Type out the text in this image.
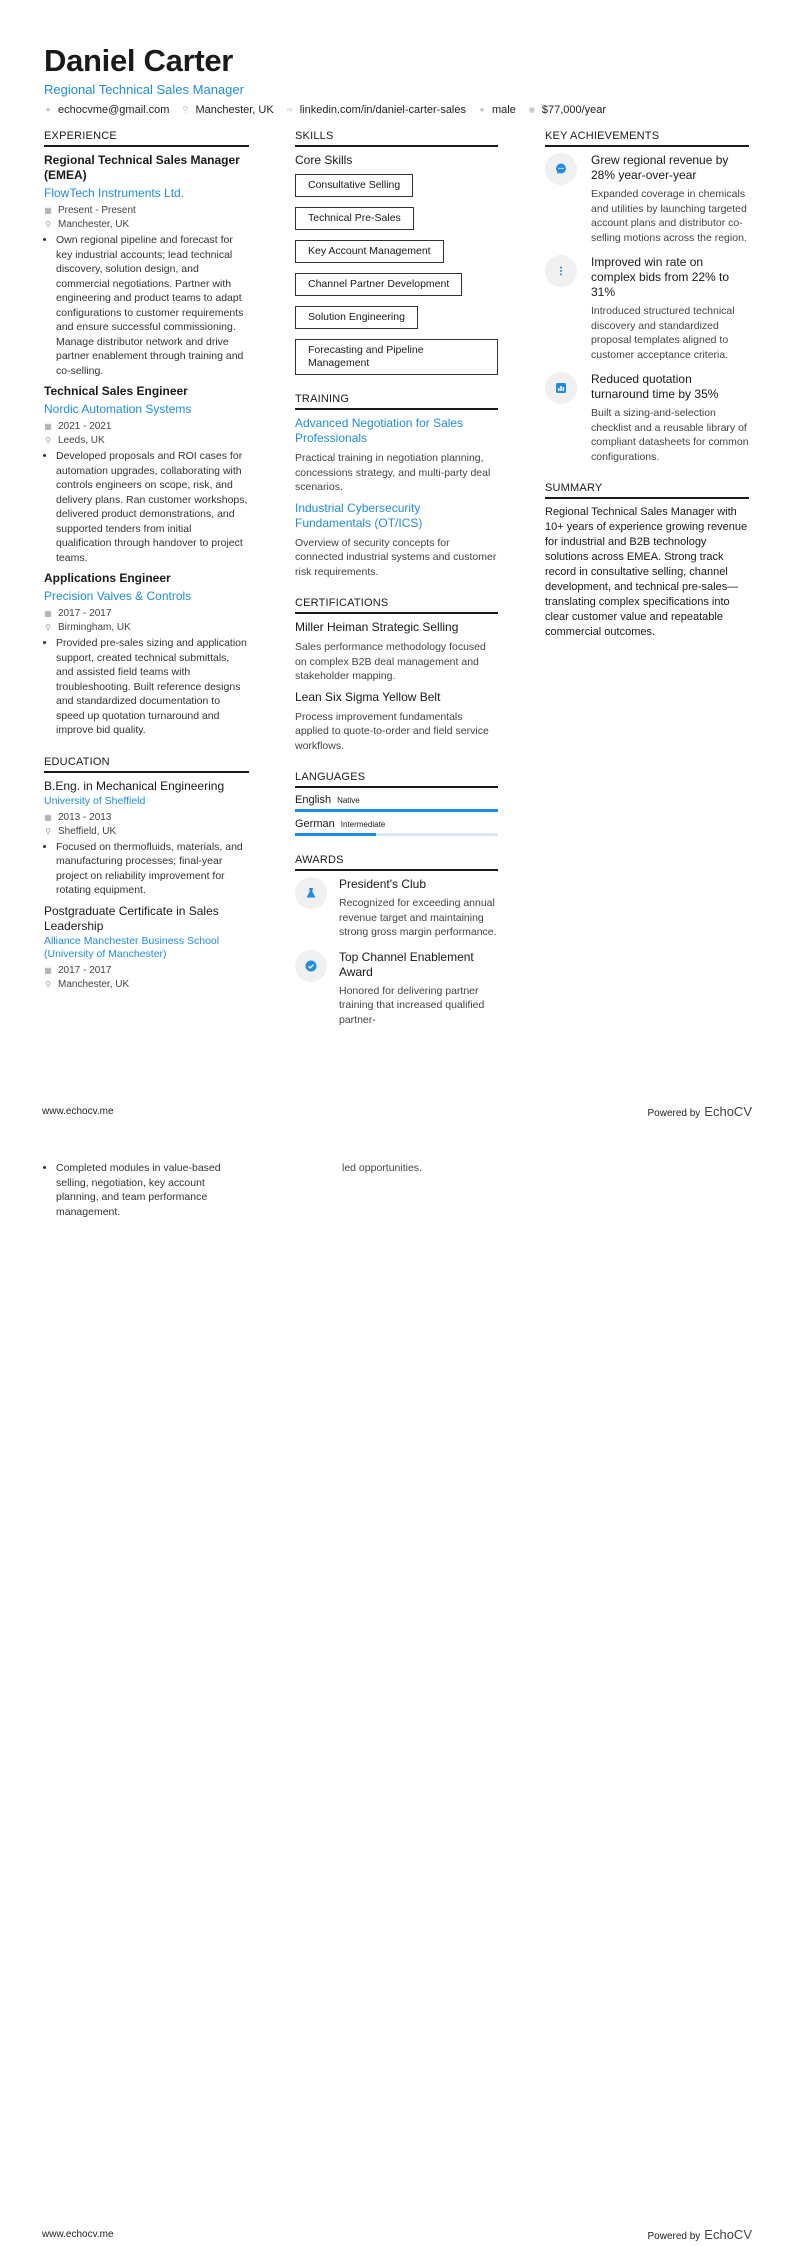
Daniel Carter
Regional Technical Sales Manager
● echocvme@gmail.com ⚲ Manchester, UK ∞ linkedin.com/in/daniel-carter-sales ● male ◉ $77,000/year
EXPERIENCE
Regional Technical Sales Manager (EMEA)
FlowTech Instruments Ltd.
▦ Present - Present
⚲ Manchester, UK
• Own regional pipeline and forecast for key industrial accounts; lead technical discovery, solution design, and commercial negotiations. Partner with engineering and product teams to adapt configurations to customer requirements and ensure successful commissioning. Manage distributor network and drive partner enablement through training and co-selling.
Technical Sales Engineer
Nordic Automation Systems
▦ 2021 - 2021
⚲ Leeds, UK
• Developed proposals and ROI cases for automation upgrades, collaborating with controls engineers on scope, risk, and delivery plans. Ran customer workshops, delivered product demonstrations, and supported tenders from initial qualification through handover to project teams.
Applications Engineer
Precision Valves & Controls
▦ 2017 - 2017
⚲ Birmingham, UK
• Provided pre-sales sizing and application support, created technical submittals, and assisted field teams with troubleshooting. Built reference designs and standardized documentation to speed up quotation turnaround and improve bid quality.
EDUCATION
B.Eng. in Mechanical Engineering
University of Sheffield
▦ 2013 - 2013
⚲ Sheffield, UK
• Focused on thermofluids, materials, and manufacturing processes; final-year project on reliability improvement for rotating equipment.
Postgraduate Certificate in Sales Leadership
Alliance Manchester Business School (University of Manchester)
▦ 2017 - 2017
⚲ Manchester, UK
SKILLS
Core Skills
Consultative Selling
Technical Pre-Sales
Key Account Management
Channel Partner Development
Solution Engineering
Forecasting and Pipeline Management
TRAINING
Advanced Negotiation for Sales Professionals
Practical training in negotiation planning, concessions strategy, and multi-party deal scenarios.
Industrial Cybersecurity Fundamentals (OT/ICS)
Overview of security concepts for connected industrial systems and customer risk requirements.
CERTIFICATIONS
Miller Heiman Strategic Selling
Sales performance methodology focused on complex B2B deal management and stakeholder mapping.
Lean Six Sigma Yellow Belt
Process improvement fundamentals applied to quote-to-order and field service workflows.
LANGUAGES
English Native
German Intermediate
AWARDS
President's Club
Recognized for exceeding annual revenue target and maintaining strong gross margin performance.
Top Channel Enablement Award
Honored for delivering partner training that increased qualified partner-
KEY ACHIEVEMENTS
Grew regional revenue by 28% year-over-year
Expanded coverage in chemicals and utilities by launching targeted account plans and distributor co-selling motions across the region.
Improved win rate on complex bids from 22% to 31%
Introduced structured technical discovery and standardized proposal templates aligned to customer acceptance criteria.
Reduced quotation turnaround time by 35%
Built a sizing-and-selection checklist and a reusable library of compliant datasheets for common configurations.
SUMMARY
Regional Technical Sales Manager with 10+ years of experience growing revenue for industrial and B2B technology solutions across EMEA. Strong track record in consultative selling, channel development, and technical pre-sales—translating complex specifications into clear customer value and repeatable commercial outcomes.
www.echocv.me	Powered by EchoCV
• Completed modules in value-based selling, negotiation, key account planning, and team performance management.
led opportunities.
www.echocv.me	Powered by EchoCV
